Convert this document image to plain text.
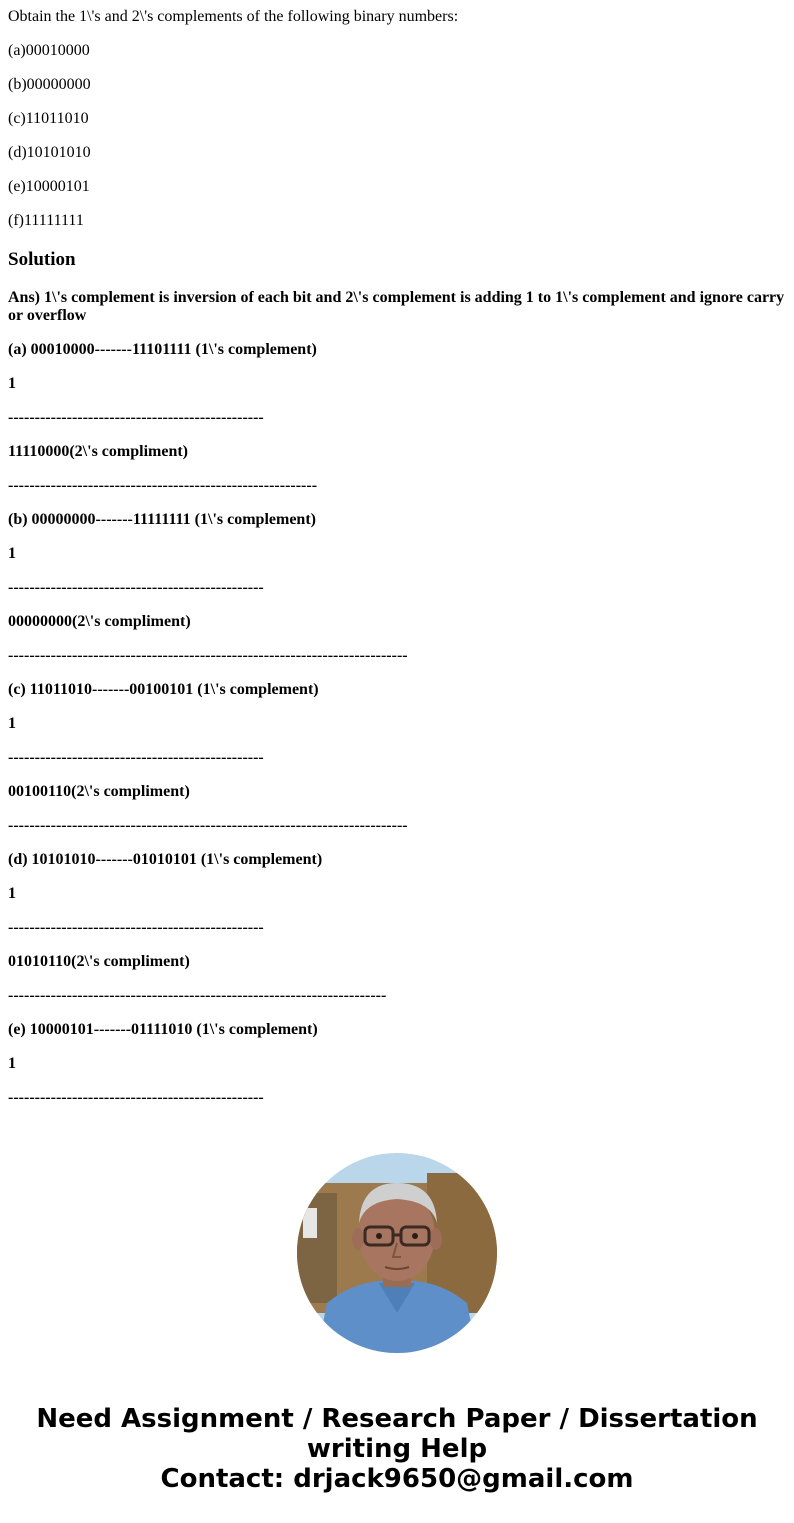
Obtain the 1\'s and 2\'s complements of the following binary numbers:
(a)00010000
(b)00000000
(c)11011010
(d)10101010
(e)10000101
(f)11111111
Solution
Ans) 1\'s complement is inversion of each bit and 2\'s complement is adding 1 to 1\'s complement and ignore carry or overflow
(a) 00010000-------11101111 (1\'s complement)
1
------------------------------------------------
11110000(2\'s compliment)
----------------------------------------------------------
(b) 00000000-------11111111 (1\'s complement)
1
------------------------------------------------
00000000(2\'s compliment)
---------------------------------------------------------------------------
(c) 11011010-------00100101 (1\'s complement)
1
------------------------------------------------
00100110(2\'s compliment)
---------------------------------------------------------------------------
(d) 10101010-------01010101 (1\'s complement)
1
------------------------------------------------
01010110(2\'s compliment)
-----------------------------------------------------------------------
(e) 10000101-------01111010 (1\'s complement)
1
------------------------------------------------
Need Assignment / Research Paper / Dissertation
writing Help
Contact: drjack9650@gmail.com
